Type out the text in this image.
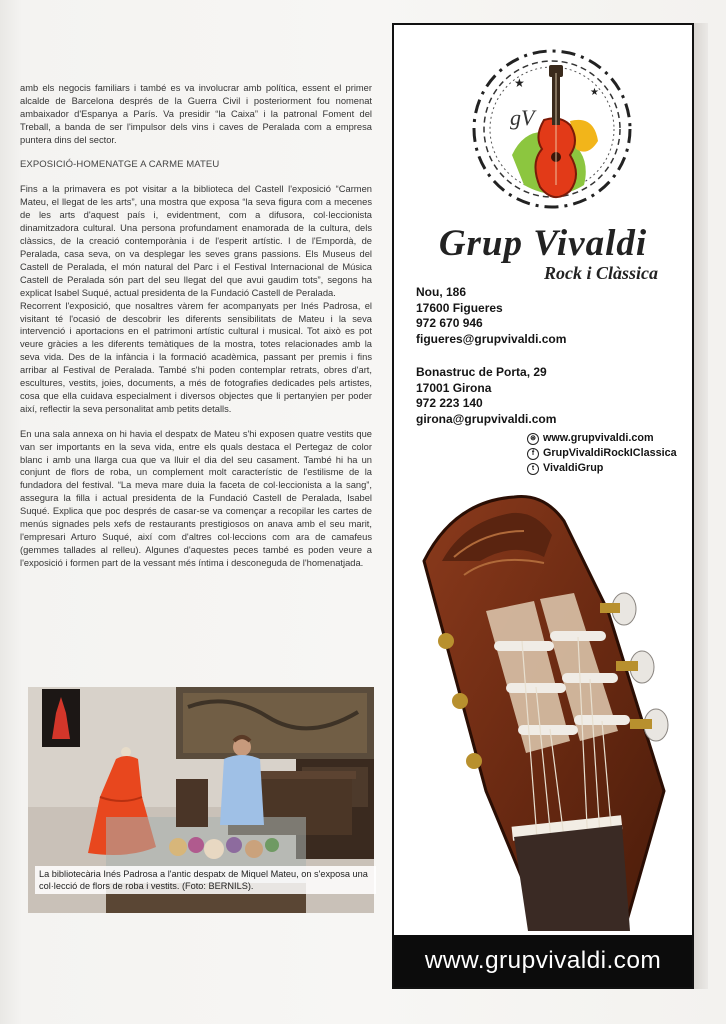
amb els negocis familiars i també es va involucrar amb política, essent el primer alcalde de Barcelona després de la Guerra Civil i posteriorment fou nomenat ambaixador d'Espanya a París. Va presidir “la Caixa” i la patronal Foment del Treball, a banda de ser l'impulsor dels vins i caves de Peralada com a empresa puntera dins del sector.

EXPOSICIÓ-HOMENATGE A CARME MATEU

Fins a la primavera es pot visitar a la biblioteca del Castell l'exposició “Carmen Mateu, el llegat de les arts”, una mostra que exposa “la seva figura com a mecenes de les arts d'aquest país i, evidentment, com a difusora, col·leccionista dinamitzadora cultural. Una persona profundament enamorada de la cultura, dels clàssics, de la creació contemporània i de l'esperit artístic. I de l'Empordà, de Peralada, casa seva, on va desplegar les seves grans passions. Els Museus del Castell de Peralada, el món natural del Parc i el Festival Internacional de Música Castell de Peralada són part del seu llegat del que avui gaudim tots”, segons ha explicat Isabel Suqué, actual presidenta de la Fundació Castell de Peralada.

Recorrent l'exposició, que nosaltres vàrem fer acompanyats per Inés Padrosa, el visitant té l'ocasió de descobrir les diferents sensibilitats de Mateu i la seva intervenció i aportacions en el patrimoni artístic cultural i musical. Tot això es pot veure gràcies a les diferents temàtiques de la mostra, totes relacionades amb la seva vida. Des de la infància i la formació acadèmica, passant per premis i fins arribar al Festival de Peralada. També s'hi poden contemplar retrats, obres d'art, escultures, vestits, joies, documents, a més de fotografies dedicades pels artistes, cosa que ella cuidava especialment i diversos objectes que li pertanyien per poder així, reflectir la seva personalitat amb petits detalls.

En una sala annexa on hi havia el despatx de Mateu s'hi exposen quatre vestits que van ser importants en la seva vida, entre els quals destaca el Pertegaz de color blanc i amb una llarga cua que va lluir el dia del seu casament. També hi ha un conjunt de flors de roba, un complement molt característic de l'estilisme de la fundadora del festival. “La meva mare duia la faceta de col·leccionista a la sang”, assegura la filla i actual presidenta de la Fundació Castell de Peralada, Isabel Suqué. Explica que poc després de casar-se va començar a recopilar les cartes de menús signades pels xefs de restaurants prestigiosos on anava amb el seu marit, l'empresari Arturo Suqué, així com d'altres col·leccions com ara de camafeus (gemmes tallades al relleu). Algunes d'aquestes peces també es poden veure a l'exposició i formen part de la vessant més íntima i desconeguda de l'homenatjada.

La bibliotecària Inés Padrosa a l'antic despatx de Miquel Mateu, on s'exposa una col·lecció de flors de roba i vestits. (Foto: BERNILS).
★
★
gV
Grup Vivaldi
Rock i Clàssica
Nou, 186
17600 Figueres
972 670 946
figueres@grupvivaldi.com
Bonastruc de Porta, 29
17001 Girona
972 223 140
girona@grupvivaldi.com
⊛ www.grupvivaldi.com
f GrupVivaldiRockIClassica
t VivaldiGrup
www.grupvivaldi.com
